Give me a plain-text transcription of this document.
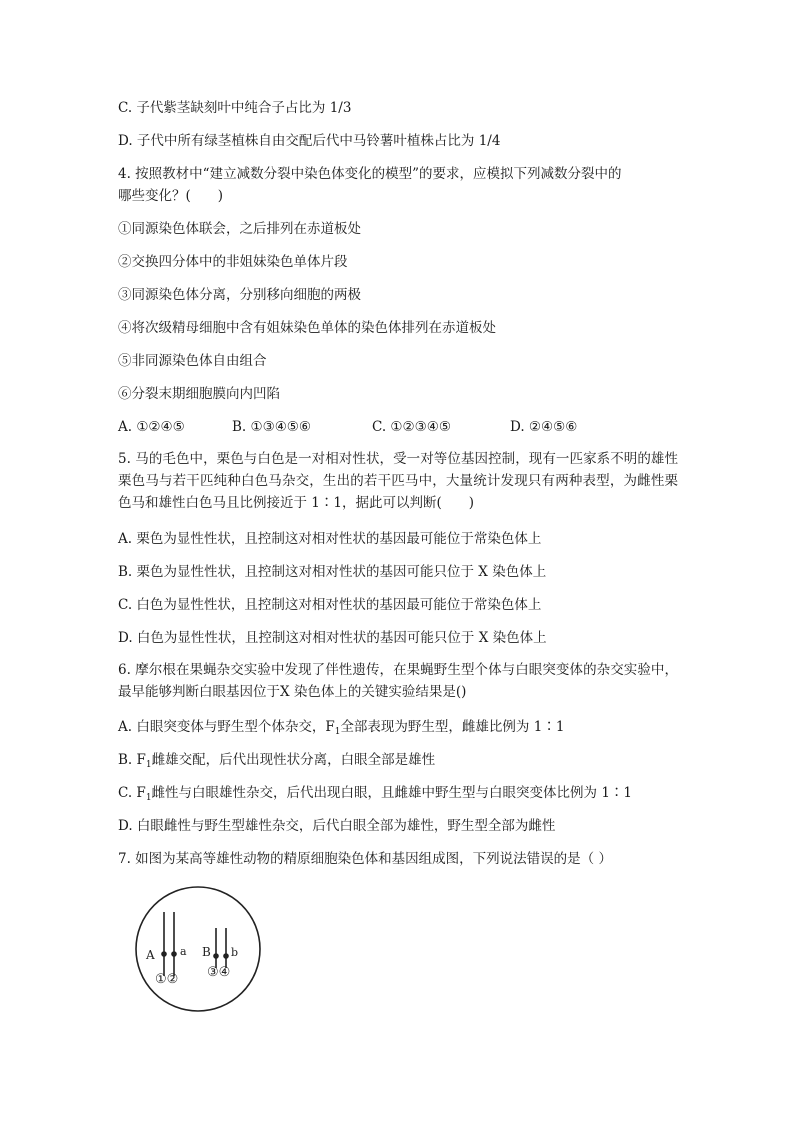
C. 子代紫茎缺刻叶中纯合子占比为 1/3
D. 子代中所有绿茎植株自由交配后代中马铃薯叶植株占比为 1/4
4. 按照教材中“建立减数分裂中染色体变化的模型”的要求，应模拟下列减数分裂中的
哪些变化？(　　)
①同源染色体联会，之后排列在赤道板处
②交换四分体中的非姐妹染色单体片段
③同源染色体分离，分别移向细胞的两极
④将次级精母细胞中含有姐妹染色单体的染色体排列在赤道板处
⑤非同源染色体自由组合
⑥分裂末期细胞膜向内凹陷
A. ①②④⑤	B. ①③④⑤⑥	C. ①②③④⑤	D. ②④⑤⑥
5. 马的毛色中，栗色与白色是一对相对性状，受一对等位基因控制，现有一匹家系不明的雄性栗色马与若干匹纯种白色马杂交，生出的若干匹马中，大量统计发现只有两种表型，为雌性栗色马和雄性白色马且比例接近于 1∶1，据此可以判断(　　)
A. 栗色为显性性状，且控制这对相对性状的基因最可能位于常染色体上
B. 栗色为显性性状，且控制这对相对性状的基因可能只位于 X 染色体上
C. 白色为显性性状，且控制这对相对性状的基因最可能位于常染色体上
D. 白色为显性性状，且控制这对相对性状的基因可能只位于 X 染色体上
6. 摩尔根在果蝇杂交实验中发现了伴性遗传，在果蝇野生型个体与白眼突变体的杂交实验中，最早能够判断白眼基因位于X 染色体上的关键实验结果是()
A. 白眼突变体与野生型个体杂交，$F_1$全部表现为野生型，雌雄比例为 1∶1
B. $F_1$雌雄交配，后代出现性状分离，白眼全部是雄性
C. $F_1$雌性与白眼雄性杂交，后代出现白眼，且雌雄中野生型与白眼突变体比例为 1∶1
D. 白眼雌性与野生型雄性杂交，后代白眼全部为雄性，野生型全部为雌性
7. 如图为某高等雄性动物的精原细胞染色体和基因组成图，下列说法错误的是（ ）
A a
①②
B b
③④
